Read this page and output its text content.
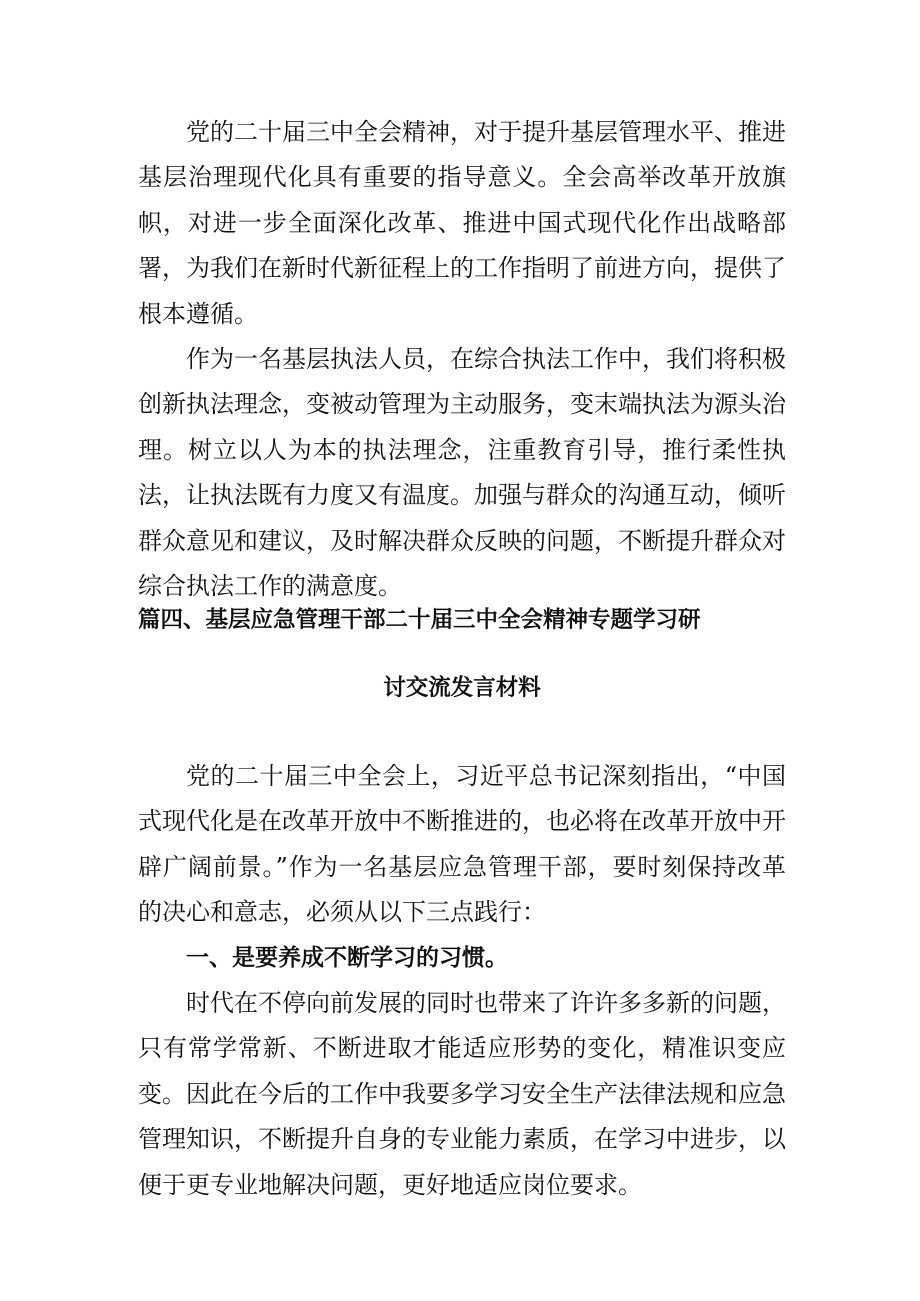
党的二十届三中全会精神，对于提升基层管理水平、推进基层治理现代化具有重要的指导意义。全会高举改革开放旗帜，对进一步全面深化改革、推进中国式现代化作出战略部署，为我们在新时代新征程上的工作指明了前进方向，提供了根本遵循。

作为一名基层执法人员，在综合执法工作中，我们将积极创新执法理念，变被动管理为主动服务，变末端执法为源头治理。树立以人为本的执法理念，注重教育引导，推行柔性执法，让执法既有力度又有温度。加强与群众的沟通互动，倾听群众意见和建议，及时解决群众反映的问题，不断提升群众对综合执法工作的满意度。

篇四、基层应急管理干部二十届三中全会精神专题学习研
讨交流发言材料

党的二十届三中全会上，习近平总书记深刻指出，“中国式现代化是在改革开放中不断推进的，也必将在改革开放中开辟广阔前景。”作为一名基层应急管理干部，要时刻保持改革的决心和意志，必须从以下三点践行：

一、是要养成不断学习的习惯。

时代在不停向前发展的同时也带来了许许多多新的问题，只有常学常新、不断进取才能适应形势的变化，精准识变应变。因此在今后的工作中我要多学习安全生产法律法规和应急管理知识，不断提升自身的专业能力素质，在学习中进步，以便于更专业地解决问题，更好地适应岗位要求。
